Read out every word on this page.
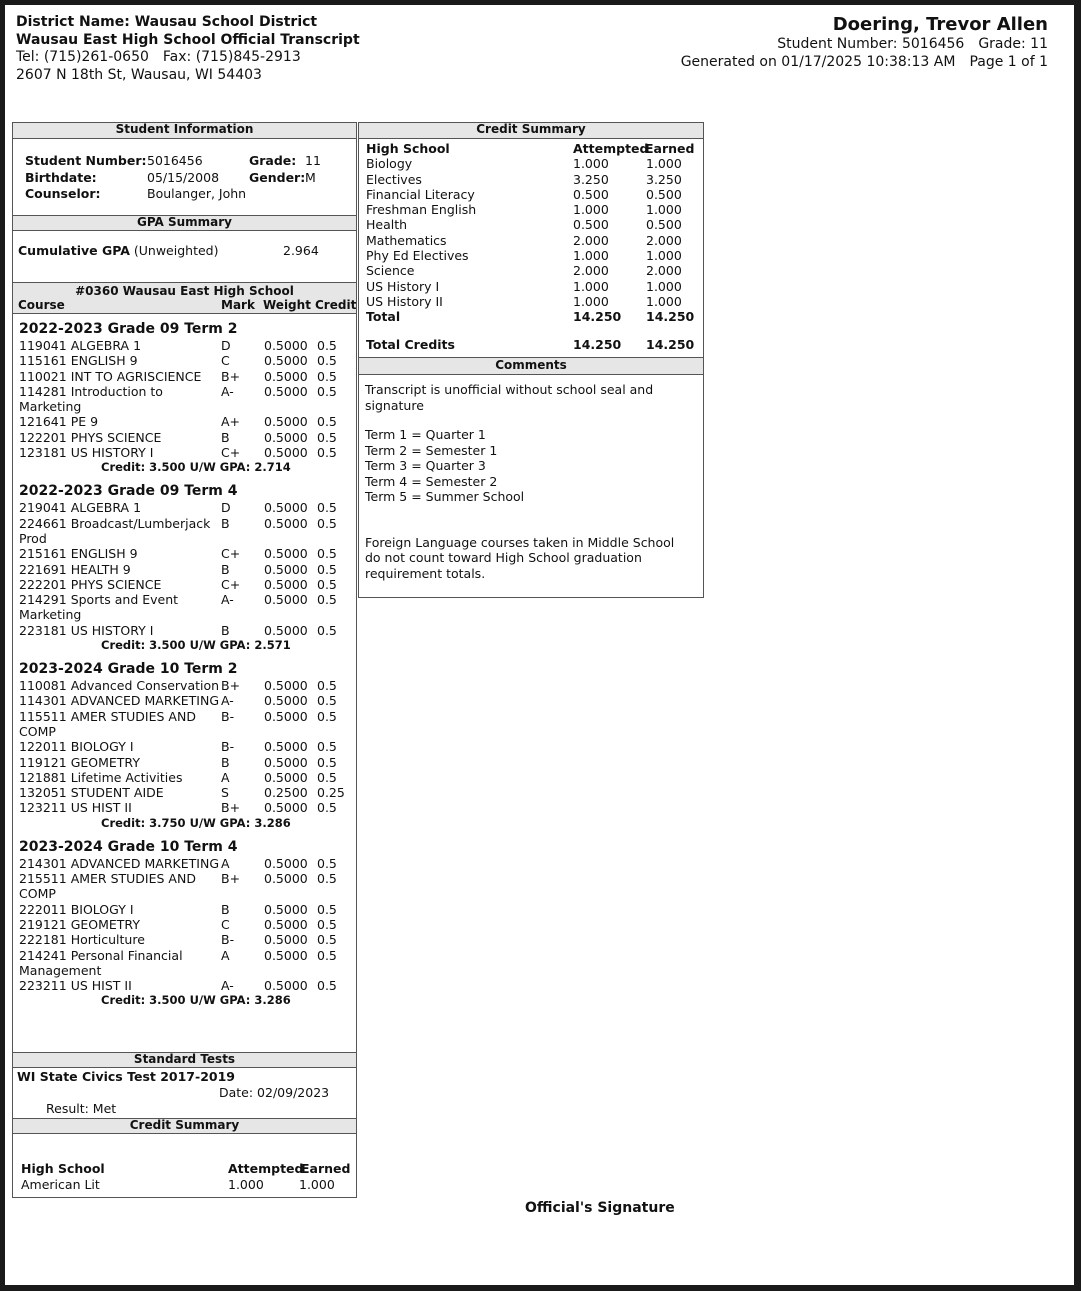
District Name: Wausau School District
Wausau East High School Official Transcript
Tel: (715)261-0650 Fax: (715)845-2913
2607 N 18th St, Wausau, WI 54403
Doering, Trevor Allen
Student Number: 5016456 Grade: 11
Generated on 01/17/2025 10:38:13 AM Page 1 of 1
Student Information
Student Number:5016456
Birthdate:	05/15/2008
Counselor:	Boulanger, John
Grade: 11
Gender:M
GPA Summary
Cumulative GPA (Unweighted)	2.964
#0360 Wausau East High School
Course	Mark Weight Credit
2022-2023 Grade 09 Term 2
119041 ALGEBRA 1	D	0.5000 0.5
115161 ENGLISH 9	C	0.5000 0.5
110021 INT TO AGRISCIENCE B+ 0.5000 0.5
114281 Introduction to	A- 0.5000 0.5
Marketing
121641 PE 9	A+ 0.5000 0.5
122201 PHYS SCIENCE	B	0.5000 0.5
123181 US HISTORY I	C+ 0.5000 0.5
Credit: 3.500 U/W GPA: 2.714
2022-2023 Grade 09 Term 4
219041 ALGEBRA 1	D	0.5000 0.5
224661 Broadcast/Lumberjack B	0.5000 0.5
Prod
215161 ENGLISH 9	C+ 0.5000 0.5
221691 HEALTH 9	B	0.5000 0.5
222201 PHYS SCIENCE	C+ 0.5000 0.5
214291 Sports and Event	A- 0.5000 0.5
Marketing
223181 US HISTORY I	B	0.5000 0.5
Credit: 3.500 U/W GPA: 2.571
2023-2024 Grade 10 Term 2
110081 Advanced Conservation B+ 0.5000 0.5
114301 ADVANCED MARKETING A- 0.5000 0.5
115511 AMER STUDIES AND B- 0.5000 0.5
COMP
122011 BIOLOGY I	B- 0.5000 0.5
119121 GEOMETRY	B	0.5000 0.5
121881 Lifetime Activities	A	0.5000 0.5
132051 STUDENT AIDE	S	0.2500 0.25
123211 US HIST II	B+ 0.5000 0.5
Credit: 3.750 U/W GPA: 3.286
2023-2024 Grade 10 Term 4
214301 ADVANCED MARKETING A	0.5000 0.5
215511 AMER STUDIES AND B+ 0.5000 0.5
COMP
222011 BIOLOGY I	B	0.5000 0.5
219121 GEOMETRY	C	0.5000 0.5
222181 Horticulture	B- 0.5000 0.5
214241 Personal Financial	A	0.5000 0.5
Management
223211 US HIST II	A- 0.5000 0.5
Credit: 3.500 U/W GPA: 3.286
Standard Tests
WI State Civics Test 2017-2019
Date: 02/09/2023
Result: Met
Credit Summary
High School	Attempted
Earned
American Lit	1.000	1.000
Credit Summary
High School	Attempted
Earned
Biology	1.000	1.000
Electives	3.250	3.250
Financial Literacy	0.500	0.500
Freshman English	1.000	1.000
Health	0.500	0.500
Mathematics	2.000	2.000
Phy Ed Electives	1.000	1.000
Science	2.000	2.000
US History I	1.000	1.000
US History II	1.000	1.000
Total	14.250 14.250
Total Credits	14.250 14.250
Comments
Transcript is unofficial without school seal and
signature
Term 1 = Quarter 1
Term 2 = Semester 1
Term 3 = Quarter 3
Term 4 = Semester 2
Term 5 = Summer School
Foreign Language courses taken in Middle School
do not count toward High School graduation
requirement totals.
Official's Signature
